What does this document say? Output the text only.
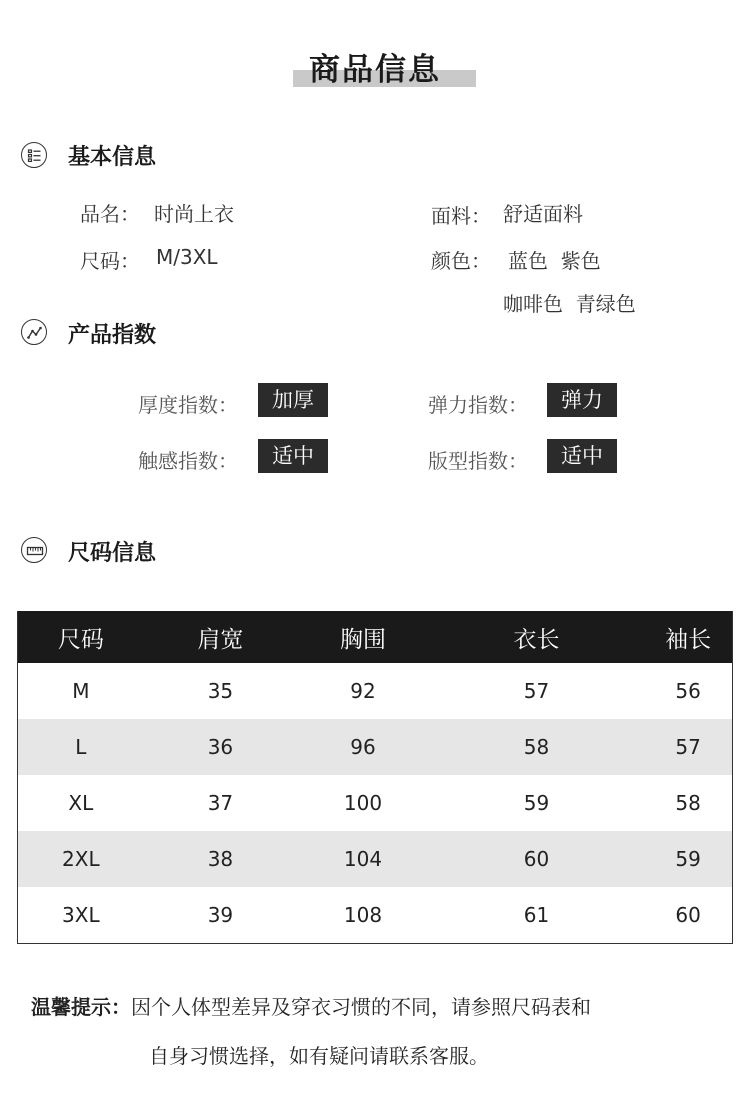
商品信息
基本信息
品名： 时尚上衣	面料： 舒适面料
尺码： M/3XL	颜色： 蓝色  紫色
咖啡色  青绿色
产品指数
厚度指数：	加厚	弹力指数：	弹力
触感指数：	适中	版型指数：	适中
尺码信息
尺码	肩宽	胸围	衣长	袖长
M	35	92	57	56
L	36	96	58	57
XL	37	100	59	58
2XL	38	104	60	59
3XL	39	108	61	60
温馨提示：因个人体型差异及穿衣习惯的不同，请参照尺码表和
自身习惯选择，如有疑问请联系客服。
